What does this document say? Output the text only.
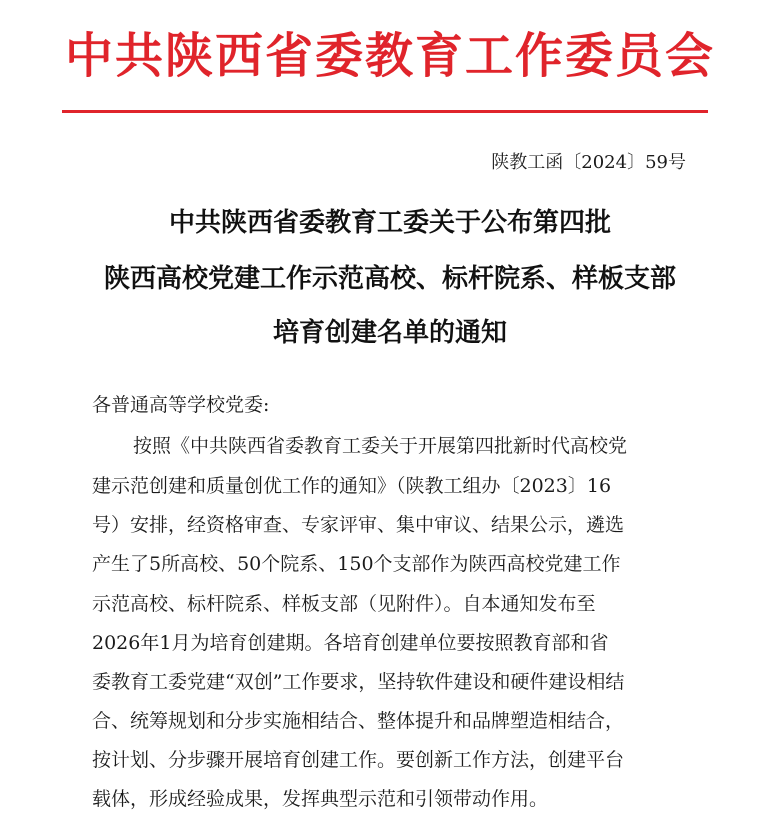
中共陕西省委教育工作委员会
陕教工函〔2024〕59号
中共陕西省委教育工委关于公布第四批
陕西高校党建工作示范高校、标杆院系、样板支部
培育创建名单的通知
各普通高等学校党委:
按照《中共陕西省委教育工委关于开展第四批新时代高校党
建示范创建和质量创优工作的通知》（陕教工组办〔2023〕16
号）安排，经资格审查、专家评审、集中审议、结果公示，遴选
产生了5所高校、50个院系、150个支部作为陕西高校党建工作
示范高校、标杆院系、样板支部（见附件）。自本通知发布至
2026年1月为培育创建期。各培育创建单位要按照教育部和省
委教育工委党建“双创”工作要求，坚持软件建设和硬件建设相结
合、统筹规划和分步实施相结合、整体提升和品牌塑造相结合，
按计划、分步骤开展培育创建工作。要创新工作方法，创建平台
载体，形成经验成果，发挥典型示范和引领带动作用。
